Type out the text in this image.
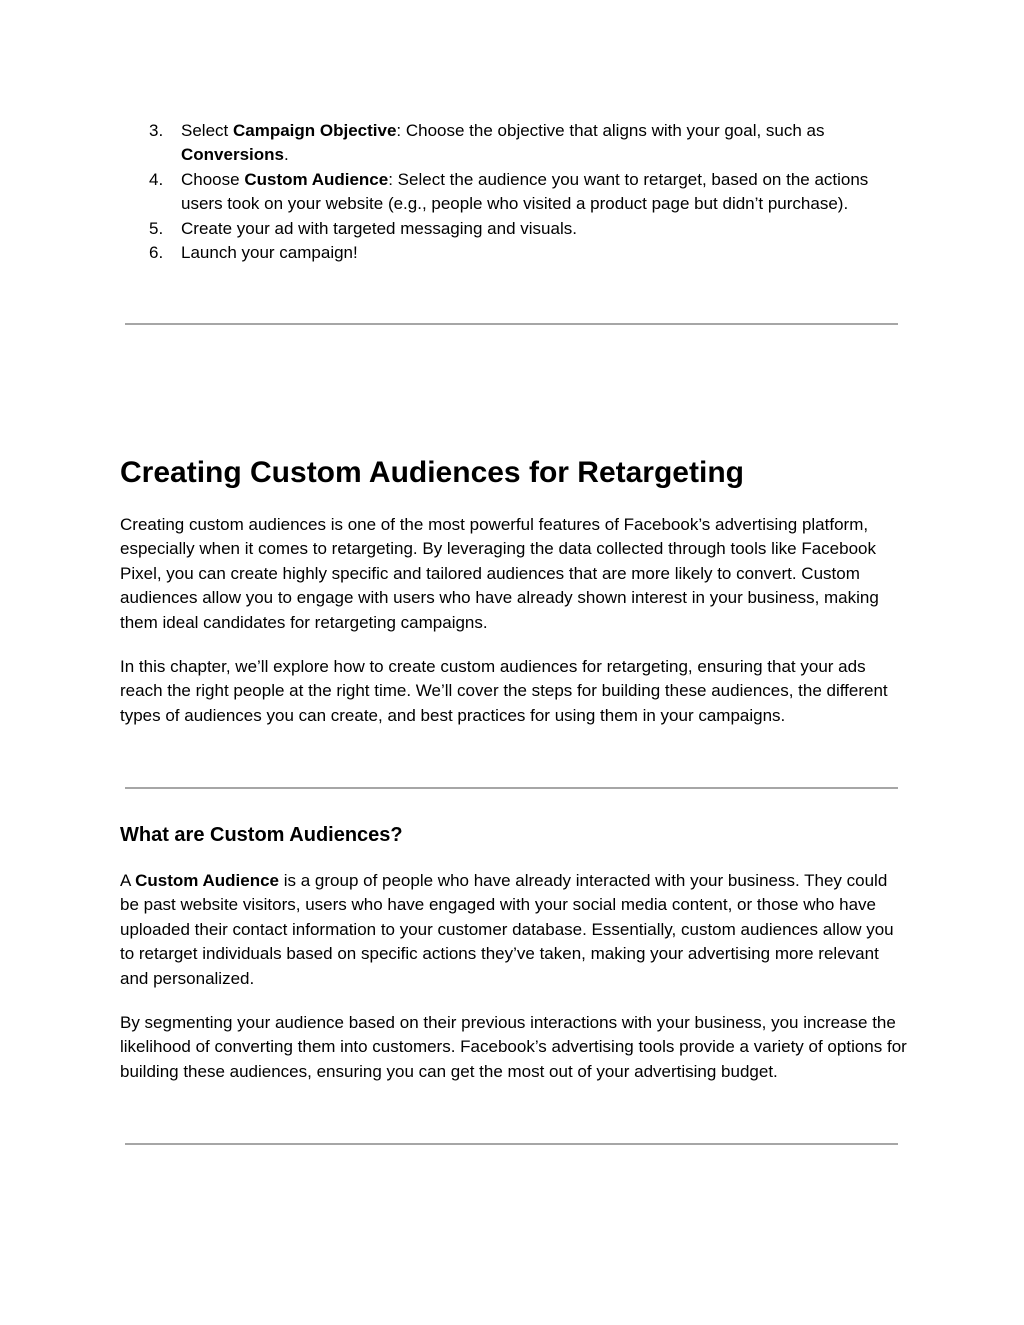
3. Select Campaign Objective: Choose the objective that aligns with your goal, such as Conversions.
4. Choose Custom Audience: Select the audience you want to retarget, based on the actions users took on your website (e.g., people who visited a product page but didn’t purchase).
5. Create your ad with targeted messaging and visuals.
6. Launch your campaign!
Creating Custom Audiences for Retargeting

Creating custom audiences is one of the most powerful features of Facebook’s advertising platform, especially when it comes to retargeting. By leveraging the data collected through tools like Facebook Pixel, you can create highly specific and tailored audiences that are more likely to convert. Custom audiences allow you to engage with users who have already shown interest in your business, making them ideal candidates for retargeting campaigns.

In this chapter, we’ll explore how to create custom audiences for retargeting, ensuring that your ads reach the right people at the right time. We’ll cover the steps for building these audiences, the different types of audiences you can create, and best practices for using them in your campaigns.

What are Custom Audiences?

A Custom Audience is a group of people who have already interacted with your business. They could be past website visitors, users who have engaged with your social media content, or those who have uploaded their contact information to your customer database. Essentially, custom audiences allow you to retarget individuals based on specific actions they’ve taken, making your advertising more relevant and personalized.

By segmenting your audience based on their previous interactions with your business, you increase the likelihood of converting them into customers. Facebook’s advertising tools provide a variety of options for building these audiences, ensuring you can get the most out of your advertising budget.
